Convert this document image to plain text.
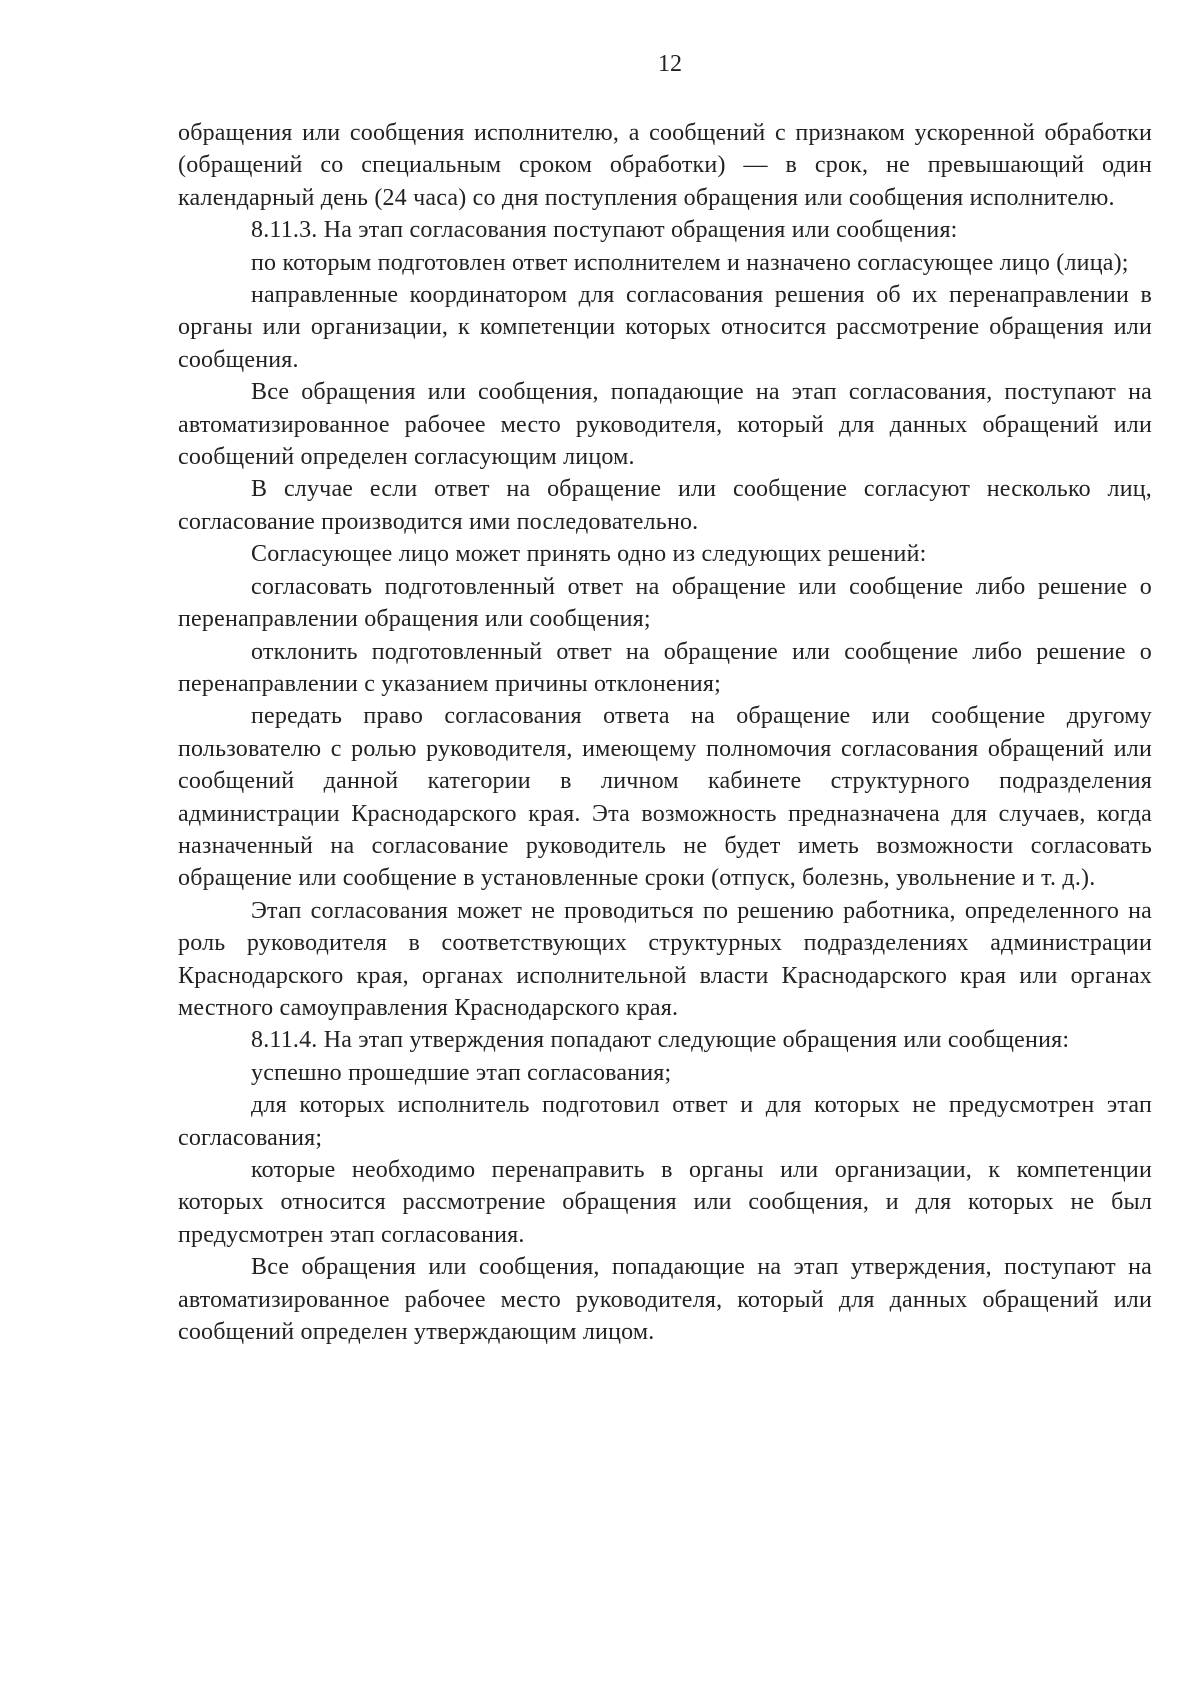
12

обращения или сообщения исполнителю, а сообщений с признаком ускоренной обработки (обращений со специальным сроком обработки) — в срок, не превышающий один календарный день (24 часа) со дня поступления обращения или сообщения исполнителю.

8.11.3. На этап согласования поступают обращения или сообщения:

по которым подготовлен ответ исполнителем и назначено согласующее лицо (лица);

направленные координатором для согласования решения об их перенаправлении в органы или организации, к компетенции которых относится рассмотрение обращения или сообщения.

Все обращения или сообщения, попадающие на этап согласования, поступают на автоматизированное рабочее место руководителя, который для данных обращений или сообщений определен согласующим лицом.

В случае если ответ на обращение или сообщение согласуют несколько лиц, согласование производится ими последовательно.

Согласующее лицо может принять одно из следующих решений:

согласовать подготовленный ответ на обращение или сообщение либо решение о перенаправлении обращения или сообщения;

отклонить подготовленный ответ на обращение или сообщение либо решение о перенаправлении с указанием причины отклонения;

передать право согласования ответа на обращение или сообщение другому пользователю с ролью руководителя, имеющему полномочия согласования обращений или сообщений данной категории в личном кабинете структурного подразделения администрации Краснодарского края. Эта возможность предназначена для случаев, когда назначенный на согласование руководитель не будет иметь возможности согласовать обращение или сообщение в установленные сроки (отпуск, болезнь, увольнение и т. д.).

Этап согласования может не проводиться по решению работника, определенного на роль руководителя в соответствующих структурных подразделениях администрации Краснодарского края, органах исполнительной власти Краснодарского края или органах местного самоуправления Краснодарского края.

8.11.4. На этап утверждения попадают следующие обращения или сообщения:

успешно прошедшие этап согласования;

для которых исполнитель подготовил ответ и для которых не предусмотрен этап согласования;

которые необходимо перенаправить в органы или организации, к компетенции которых относится рассмотрение обращения или сообщения, и для которых не был предусмотрен этап согласования.

Все обращения или сообщения, попадающие на этап утверждения, поступают на автоматизированное рабочее место руководителя, который для данных обращений или сообщений определен утверждающим лицом.
